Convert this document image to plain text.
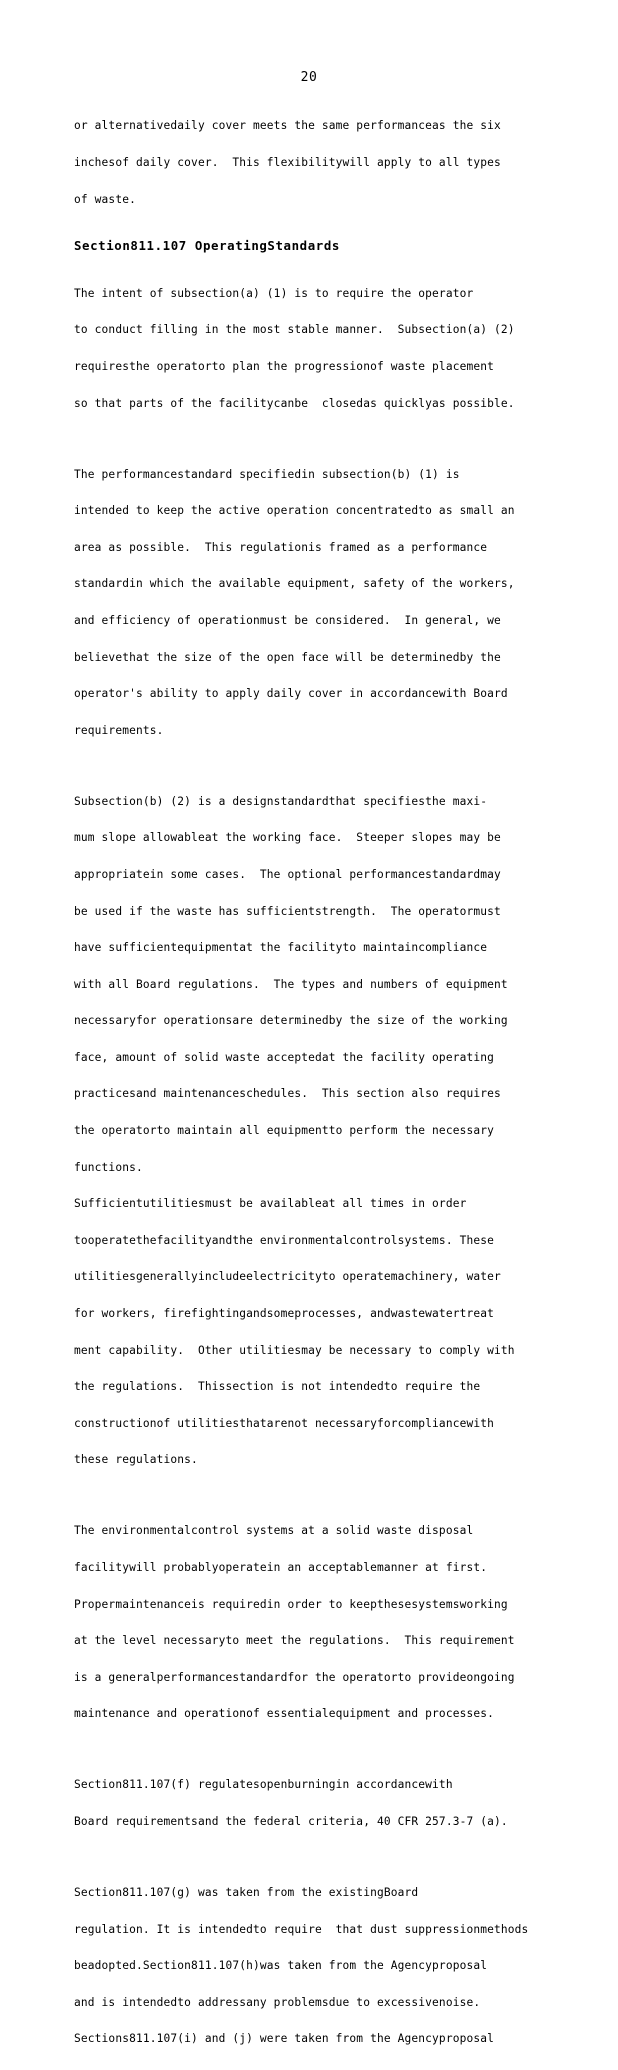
20

or alternativedaily cover meets the same performanceas the six

inchesof daily cover.  This flexibilitywill apply to all types

of waste.

Section811.107 OperatingStandards

The intent of subsection(a) (1) is to require the operator

to conduct filling in the most stable manner.  Subsection(a) (2)

requiresthe operatorto plan the progressionof waste placement

so that parts of the facilitycanbe  closedas quicklyas possible.

The performancestandard specifiedin subsection(b) (1) is

intended to keep the active operation concentratedto as small an

area as possible.  This regulationis framed as a performance

standardin which the available equipment, safety of the workers,

and efficiency of operationmust be considered.  In general, we

believethat the size of the open face will be determinedby the

operator's ability to apply daily cover in accordancewith Board

requirements.

Subsection(b) (2) is a designstandardthat specifiesthe maxi-

mum slope allowableat the working face.  Steeper slopes may be

appropriatein some cases.  The optional performancestandardmay

be used if the waste has sufficientstrength.  The operatormust

have sufficientequipmentat the facilityto maintaincompliance

with all Board regulations.  The types and numbers of equipment

necessaryfor operationsare determinedby the size of the working

face, amount of solid waste acceptedat the facility operating

practicesand maintenanceschedules.  This section also requires

the operatorto maintain all equipmentto perform the necessary

functions.

Sufficientutilitiesmust be availableat all times in order

tooperatethefacilityandthe environmentalcontrolsystems. These

utilitiesgenerallyincludeelectricityto operatemachinery, water

for workers, firefightingandsomeprocesses, andwastewatertreat

ment capability.  Other utilitiesmay be necessary to comply with

the regulations.  Thissection is not intendedto require the

constructionof utilitiesthatarenot necessaryforcompliancewith

these regulations.

The environmentalcontrol systems at a solid waste disposal

facilitywill probablyoperatein an acceptablemanner at first.

Propermaintenanceis requiredin order to keepthesesystemsworking

at the level necessaryto meet the regulations.  This requirement

is a generalperformancestandardfor the operatorto provideongoing

maintenance and operationof essentialequipment and processes.

Section811.107(f) regulatesopenburningin accordancewith

Board requirementsand the federal criteria, 40 CFR 257.3-7 (a).

Section811.107(g) was taken from the existingBoard

regulation. It is intendedto require  that dust suppressionmethods

beadopted.Section811.107(h)was taken from the Agencyproposal

and is intendedto addressany problemsdue to excessivenoise.

Sections811.107(i) and (j) were taken from the Agencyproposal
